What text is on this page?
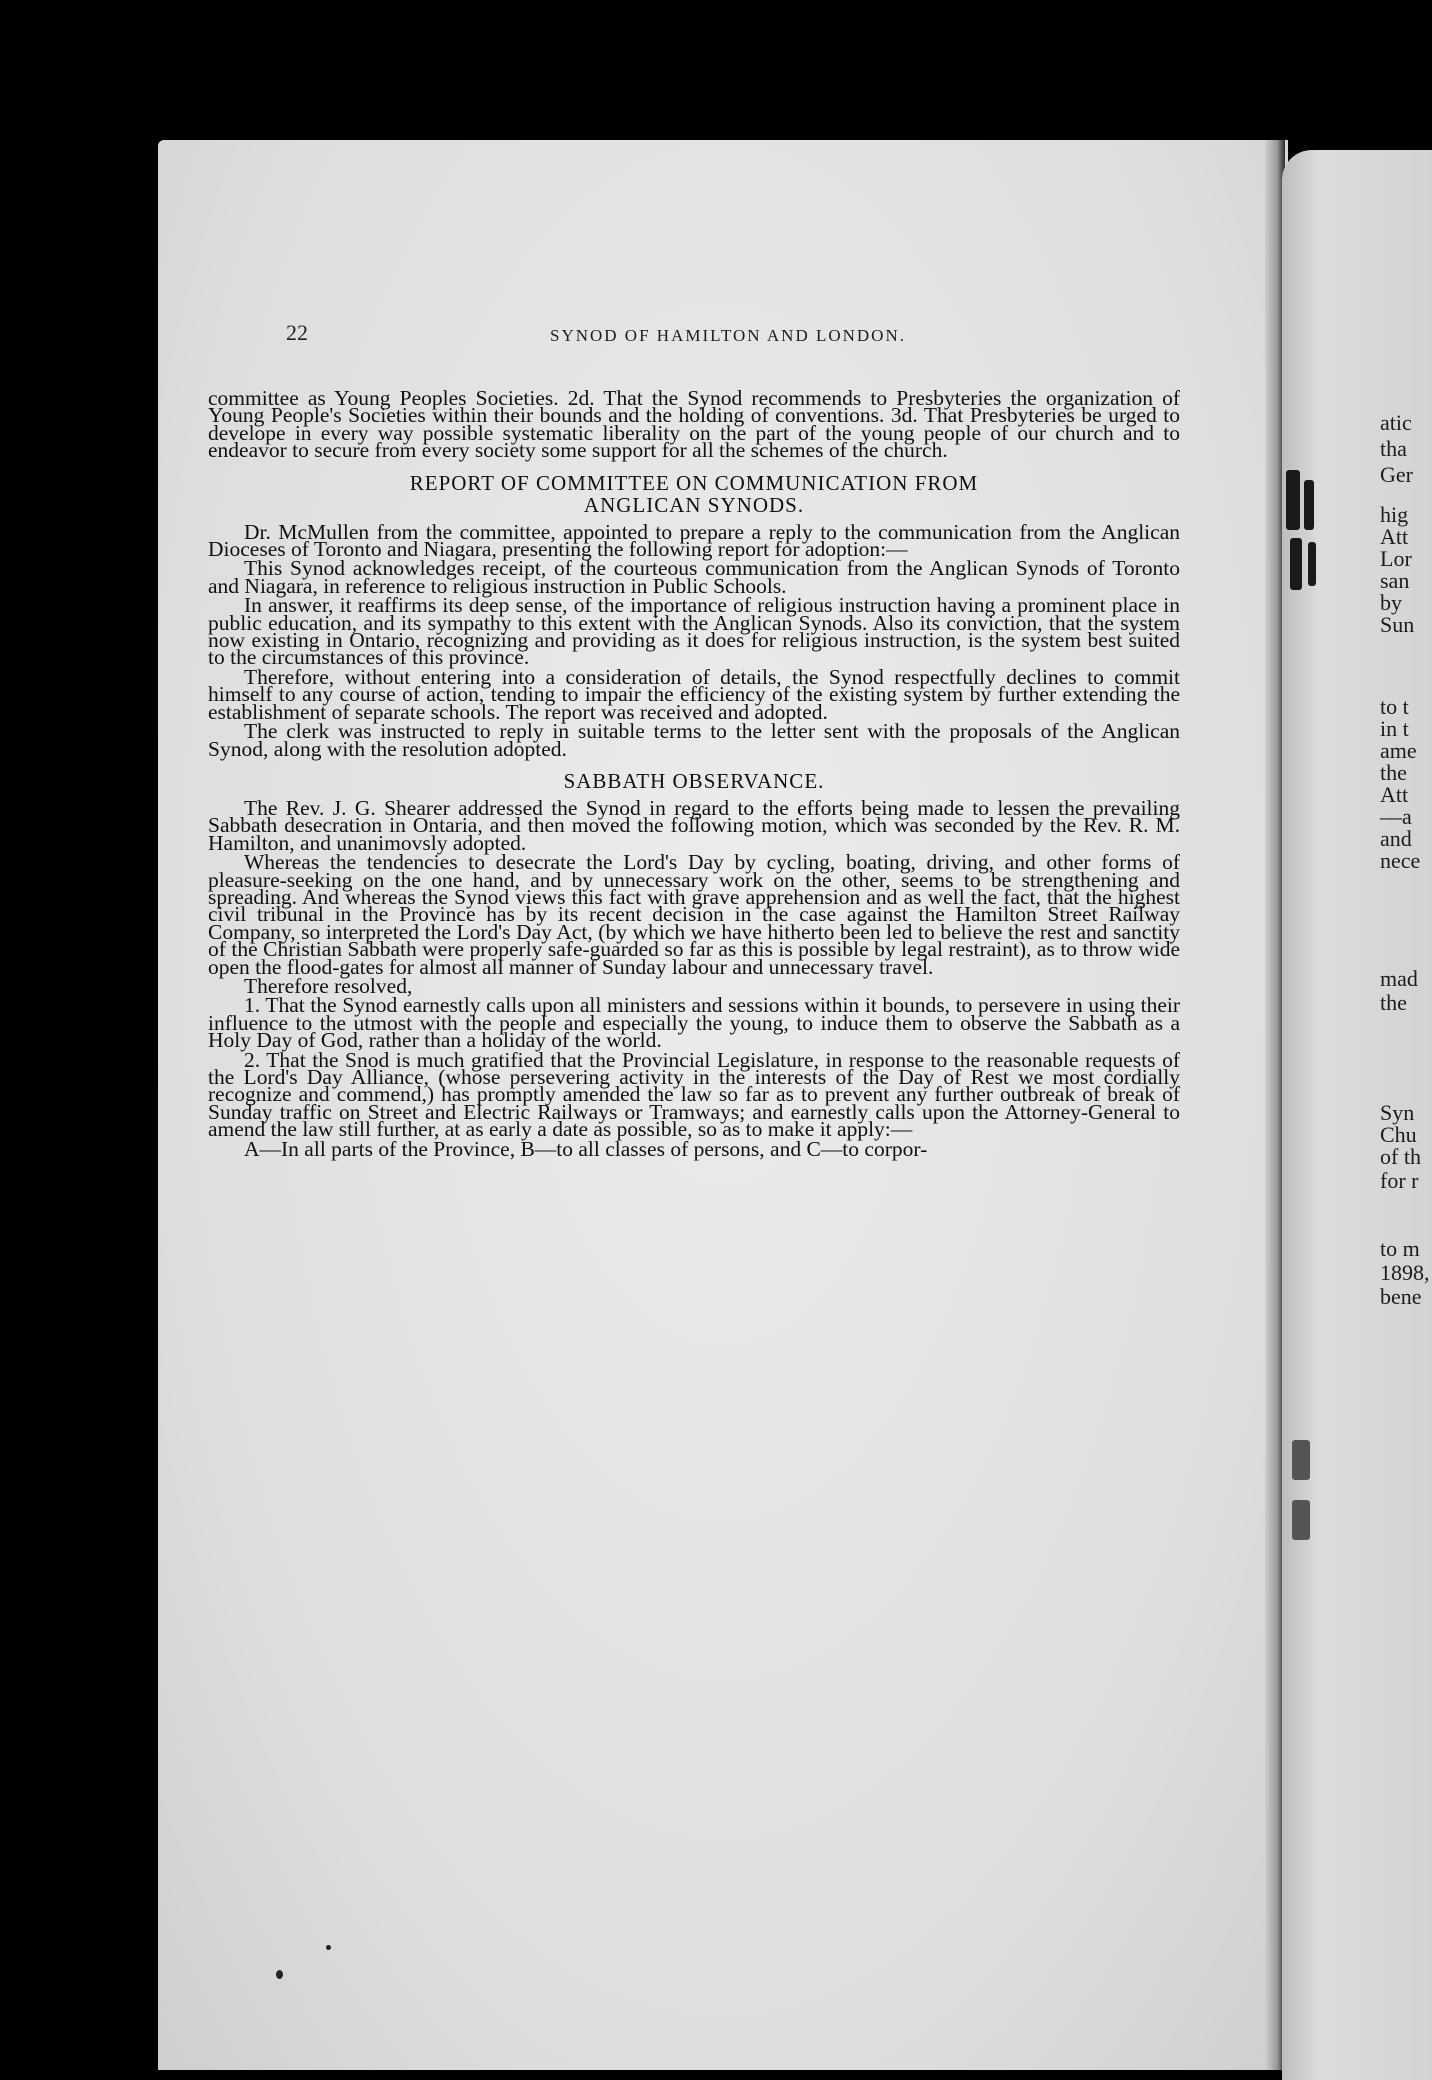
22	SYNOD OF HAMILTON AND LONDON.

committee as Young Peoples Societies. 2d. That the Synod recommends to Presbyteries the organization of Young People's Societies within their bounds and the holding of conventions. 3d. That Presbyteries be urged to develope in every way possible systematic liberality on the part of the young people of our church and to endeavor to secure from every society some support for all the schemes of the church.

REPORT OF COMMITTEE ON COMMUNICATION FROM
ANGLICAN SYNODS.

Dr. McMullen from the committee, appointed to prepare a reply to the communication from the Anglican Dioceses of Toronto and Niagara, presenting the following report for adoption:—

This Synod acknowledges receipt, of the courteous communication from the Anglican Synods of Toronto and Niagara, in reference to religious instruction in Public Schools.

In answer, it reaffirms its deep sense, of the importance of religious instruction having a prominent place in public education, and its sympathy to this extent with the Anglican Synods. Also its conviction, that the system now existing in Ontario, recognizing and providing as it does for religious instruction, is the system best suited to the circumstances of this province.

Therefore, without entering into a consideration of details, the Synod respectfully declines to commit himself to any course of action, tending to impair the efficiency of the existing system by further extending the establishment of separate schools. The report was received and adopted.

The clerk was instructed to reply in suitable terms to the letter sent with the proposals of the Anglican Synod, along with the resolution adopted.

SABBATH OBSERVANCE.

The Rev. J. G. Shearer addressed the Synod in regard to the efforts being made to lessen the prevailing Sabbath desecration in Ontaria, and then moved the following motion, which was seconded by the Rev. R. M. Hamilton, and unanimovsly adopted.

Whereas the tendencies to desecrate the Lord's Day by cycling, boating, driving, and other forms of pleasure-seeking on the one hand, and by unnecessary work on the other, seems to be strengthening and spreading. And whereas the Synod views this fact with grave apprehension and as well the fact, that the highest civil tribunal in the Province has by its recent decision in the case against the Hamilton Street Railway Company, so interpreted the Lord's Day Act, (by which we have hitherto been led to believe the rest and sanctity of the Christian Sabbath were properly safe-guarded so far as this is possible by legal restraint), as to throw wide open the flood-gates for almost all manner of Sunday labour and unnecessary travel.

Therefore resolved,

1. That the Synod earnestly calls upon all ministers and sessions within it bounds, to persevere in using their influence to the utmost with the people and especially the young, to induce them to observe the Sabbath as a Holy Day of God, rather than a holiday of the world.
2. That the Snod is much gratified that the Provincial Legislature, in response to the reasonable requests of the Lord's Day Alliance, (whose persevering activity in the interests of the Day of Rest we most cordially recognize and commend,) has promptly amended the law so far as to prevent any further outbreak of break of Sunday traffic on Street and Electric Railways or Tramways; and earnestly calls upon the Attorney-General to amend the law still further, at as early a date as possible, so as to make it apply:—
A—In all parts of the Province, B—to all classes of persons, and C—to corpor-
atic
tha
Ger
hig
Att
Lor
san
by
Sun
to t
in t
ame
the
Att
—a
and
nece
mad
the
Syn
Chu
of th
for r
to m
1898,
bene
